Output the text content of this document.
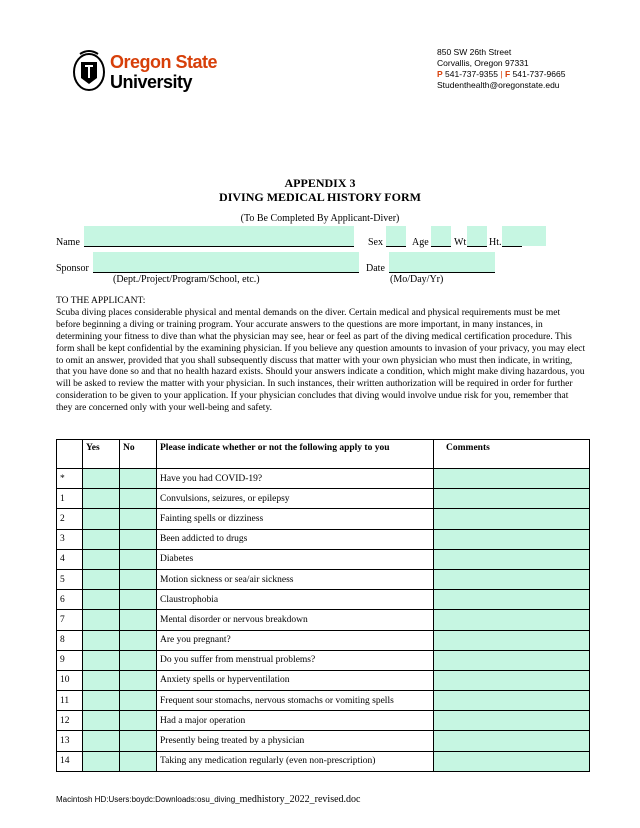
Oregon State
University
850 SW 26th Street
Corvallis, Oregon 97331
P 541-737-9355 | F 541-737-9665
Studenthealth@oregonstate.edu
APPENDIX 3
DIVING MEDICAL HISTORY FORM
(To Be Completed By Applicant-Diver)
Name	Sex	Age	Wt Ht.
Sponsor
(Dept./Project/Program/School, etc.)
Date
(Mo/Day/Yr)
TO THE APPLICANT:
Scuba diving places considerable physical and mental demands on the diver. Certain medical and physical requirements must be met before beginning a diving or training program. Your accurate answers to the questions are more important, in many instances, in determining your fitness to dive than what the physician may see, hear or feel as part of the diving medical certification procedure. This form shall be kept confidential by the examining physician. If you believe any question amounts to invasion of your privacy, you may elect to omit an answer, provided that you shall subsequently discuss that matter with your own physician who must then indicate, in writing, that you have done so and that no health hazard exists. Should your answers indicate a condition, which might make diving hazardous, you will be asked to review the matter with your physician. In such instances, their written authorization will be required in order for further consideration to be given to your application. If your physician concludes that diving would involve undue risk for you, remember that they are concerned only with your well-being and safety.
	Yes	No	Please indicate whether or not the following apply to you	Comments
*			Have you had COVID-19?	
1			Convulsions, seizures, or epilepsy	
2			Fainting spells or dizziness	
3			Been addicted to drugs	
4			Diabetes	
5			Motion sickness or sea/air sickness	
6			Claustrophobia	
7			Mental disorder or nervous breakdown	
8			Are you pregnant?	
9			Do you suffer from menstrual problems?	
10			Anxiety spells or hyperventilation	
11			Frequent sour stomachs, nervous stomachs or vomiting spells	
12			Had a major operation	
13			Presently being treated by a physician	
14			Taking any medication regularly (even non-prescription)	
Macintosh HD:Users:boydc:Downloads:osu_diving_medhistory_2022_revised.doc
